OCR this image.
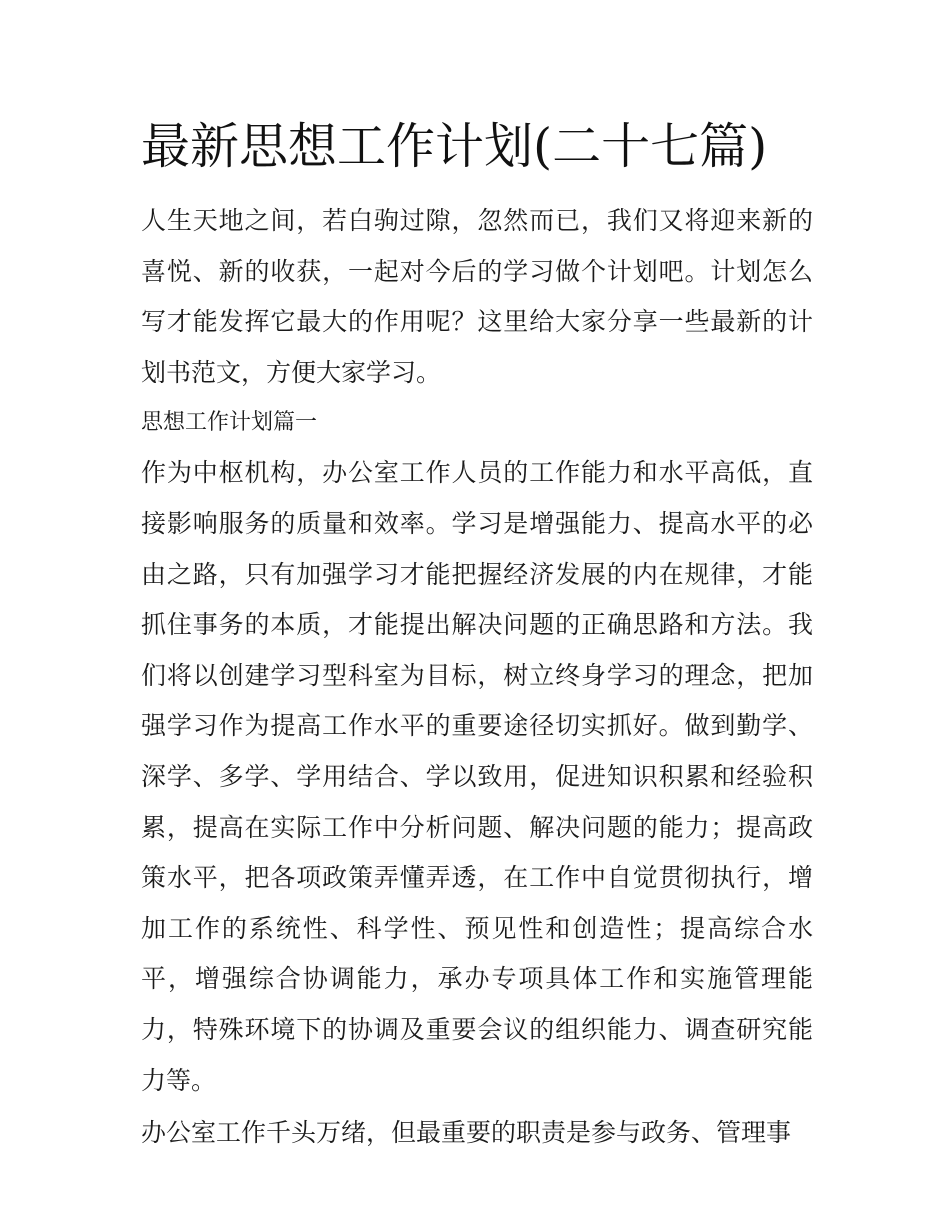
最新思想工作计划(二十七篇)

人生天地之间，若白驹过隙，忽然而已，我们又将迎来新的喜悦、新的收获，一起对今后的学习做个计划吧。计划怎么写才能发挥它最大的作用呢？这里给大家分享一些最新的计划书范文，方便大家学习。

思想工作计划篇一

作为中枢机构，办公室工作人员的工作能力和水平高低，直接影响服务的质量和效率。学习是增强能力、提高水平的必由之路，只有加强学习才能把握经济发展的内在规律，才能抓住事务的本质，才能提出解决问题的正确思路和方法。我们将以创建学习型科室为目标，树立终身学习的理念，把加强学习作为提高工作水平的重要途径切实抓好。做到勤学、深学、多学、学用结合、学以致用，促进知识积累和经验积累，提高在实际工作中分析问题、解决问题的能力；提高政策水平，把各项政策弄懂弄透，在工作中自觉贯彻执行，增加工作的系统性、科学性、预见性和创造性；提高综合水平，增强综合协调能力，承办专项具体工作和实施管理能力，特殊环境下的协调及重要会议的组织能力、调查研究能力等。

办公室工作千头万绪，但最重要的职责是参与政务、管理事
